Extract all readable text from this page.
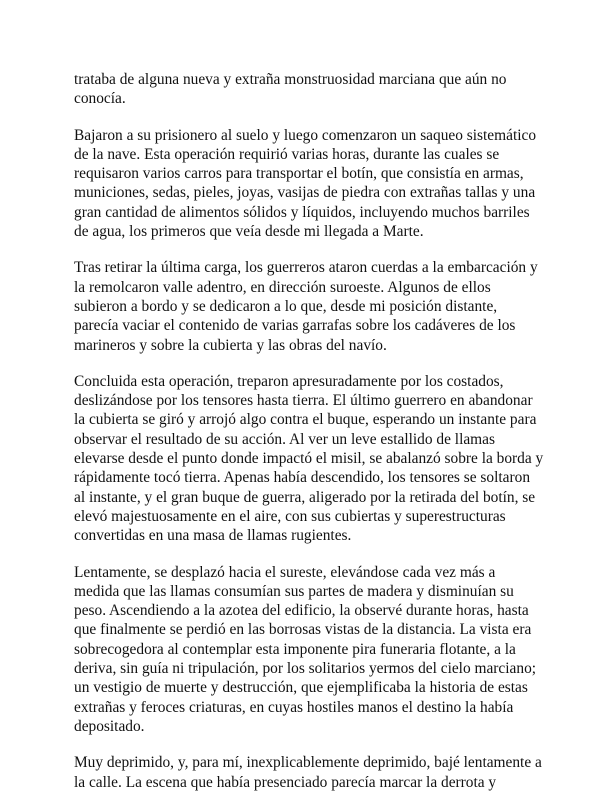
trataba de alguna nueva y extraña monstruosidad marciana que aún no
conocía.

Bajaron a su prisionero al suelo y luego comenzaron un saqueo sistemático
de la nave. Esta operación requirió varias horas, durante las cuales se
requisaron varios carros para transportar el botín, que consistía en armas,
municiones, sedas, pieles, joyas, vasijas de piedra con extrañas tallas y una
gran cantidad de alimentos sólidos y líquidos, incluyendo muchos barriles
de agua, los primeros que veía desde mi llegada a Marte.

Tras retirar la última carga, los guerreros ataron cuerdas a la embarcación y
la remolcaron valle adentro, en dirección suroeste. Algunos de ellos
subieron a bordo y se dedicaron a lo que, desde mi posición distante,
parecía vaciar el contenido de varias garrafas sobre los cadáveres de los
marineros y sobre la cubierta y las obras del navío.

Concluida esta operación, treparon apresuradamente por los costados,
deslizándose por los tensores hasta tierra. El último guerrero en abandonar
la cubierta se giró y arrojó algo contra el buque, esperando un instante para
observar el resultado de su acción. Al ver un leve estallido de llamas
elevarse desde el punto donde impactó el misil, se abalanzó sobre la borda y
rápidamente tocó tierra. Apenas había descendido, los tensores se soltaron
al instante, y el gran buque de guerra, aligerado por la retirada del botín, se
elevó majestuosamente en el aire, con sus cubiertas y superestructuras
convertidas en una masa de llamas rugientes.

Lentamente, se desplazó hacia el sureste, elevándose cada vez más a
medida que las llamas consumían sus partes de madera y disminuían su
peso. Ascendiendo a la azotea del edificio, la observé durante horas, hasta
que finalmente se perdió en las borrosas vistas de la distancia. La vista era
sobrecogedora al contemplar esta imponente pira funeraria flotante, a la
deriva, sin guía ni tripulación, por los solitarios yermos del cielo marciano;
un vestigio de muerte y destrucción, que ejemplificaba la historia de estas
extrañas y feroces criaturas, en cuyas hostiles manos el destino la había
depositado.

Muy deprimido, y, para mí, inexplicablemente deprimido, bajé lentamente a
la calle. La escena que había presenciado parecía marcar la derrota y
